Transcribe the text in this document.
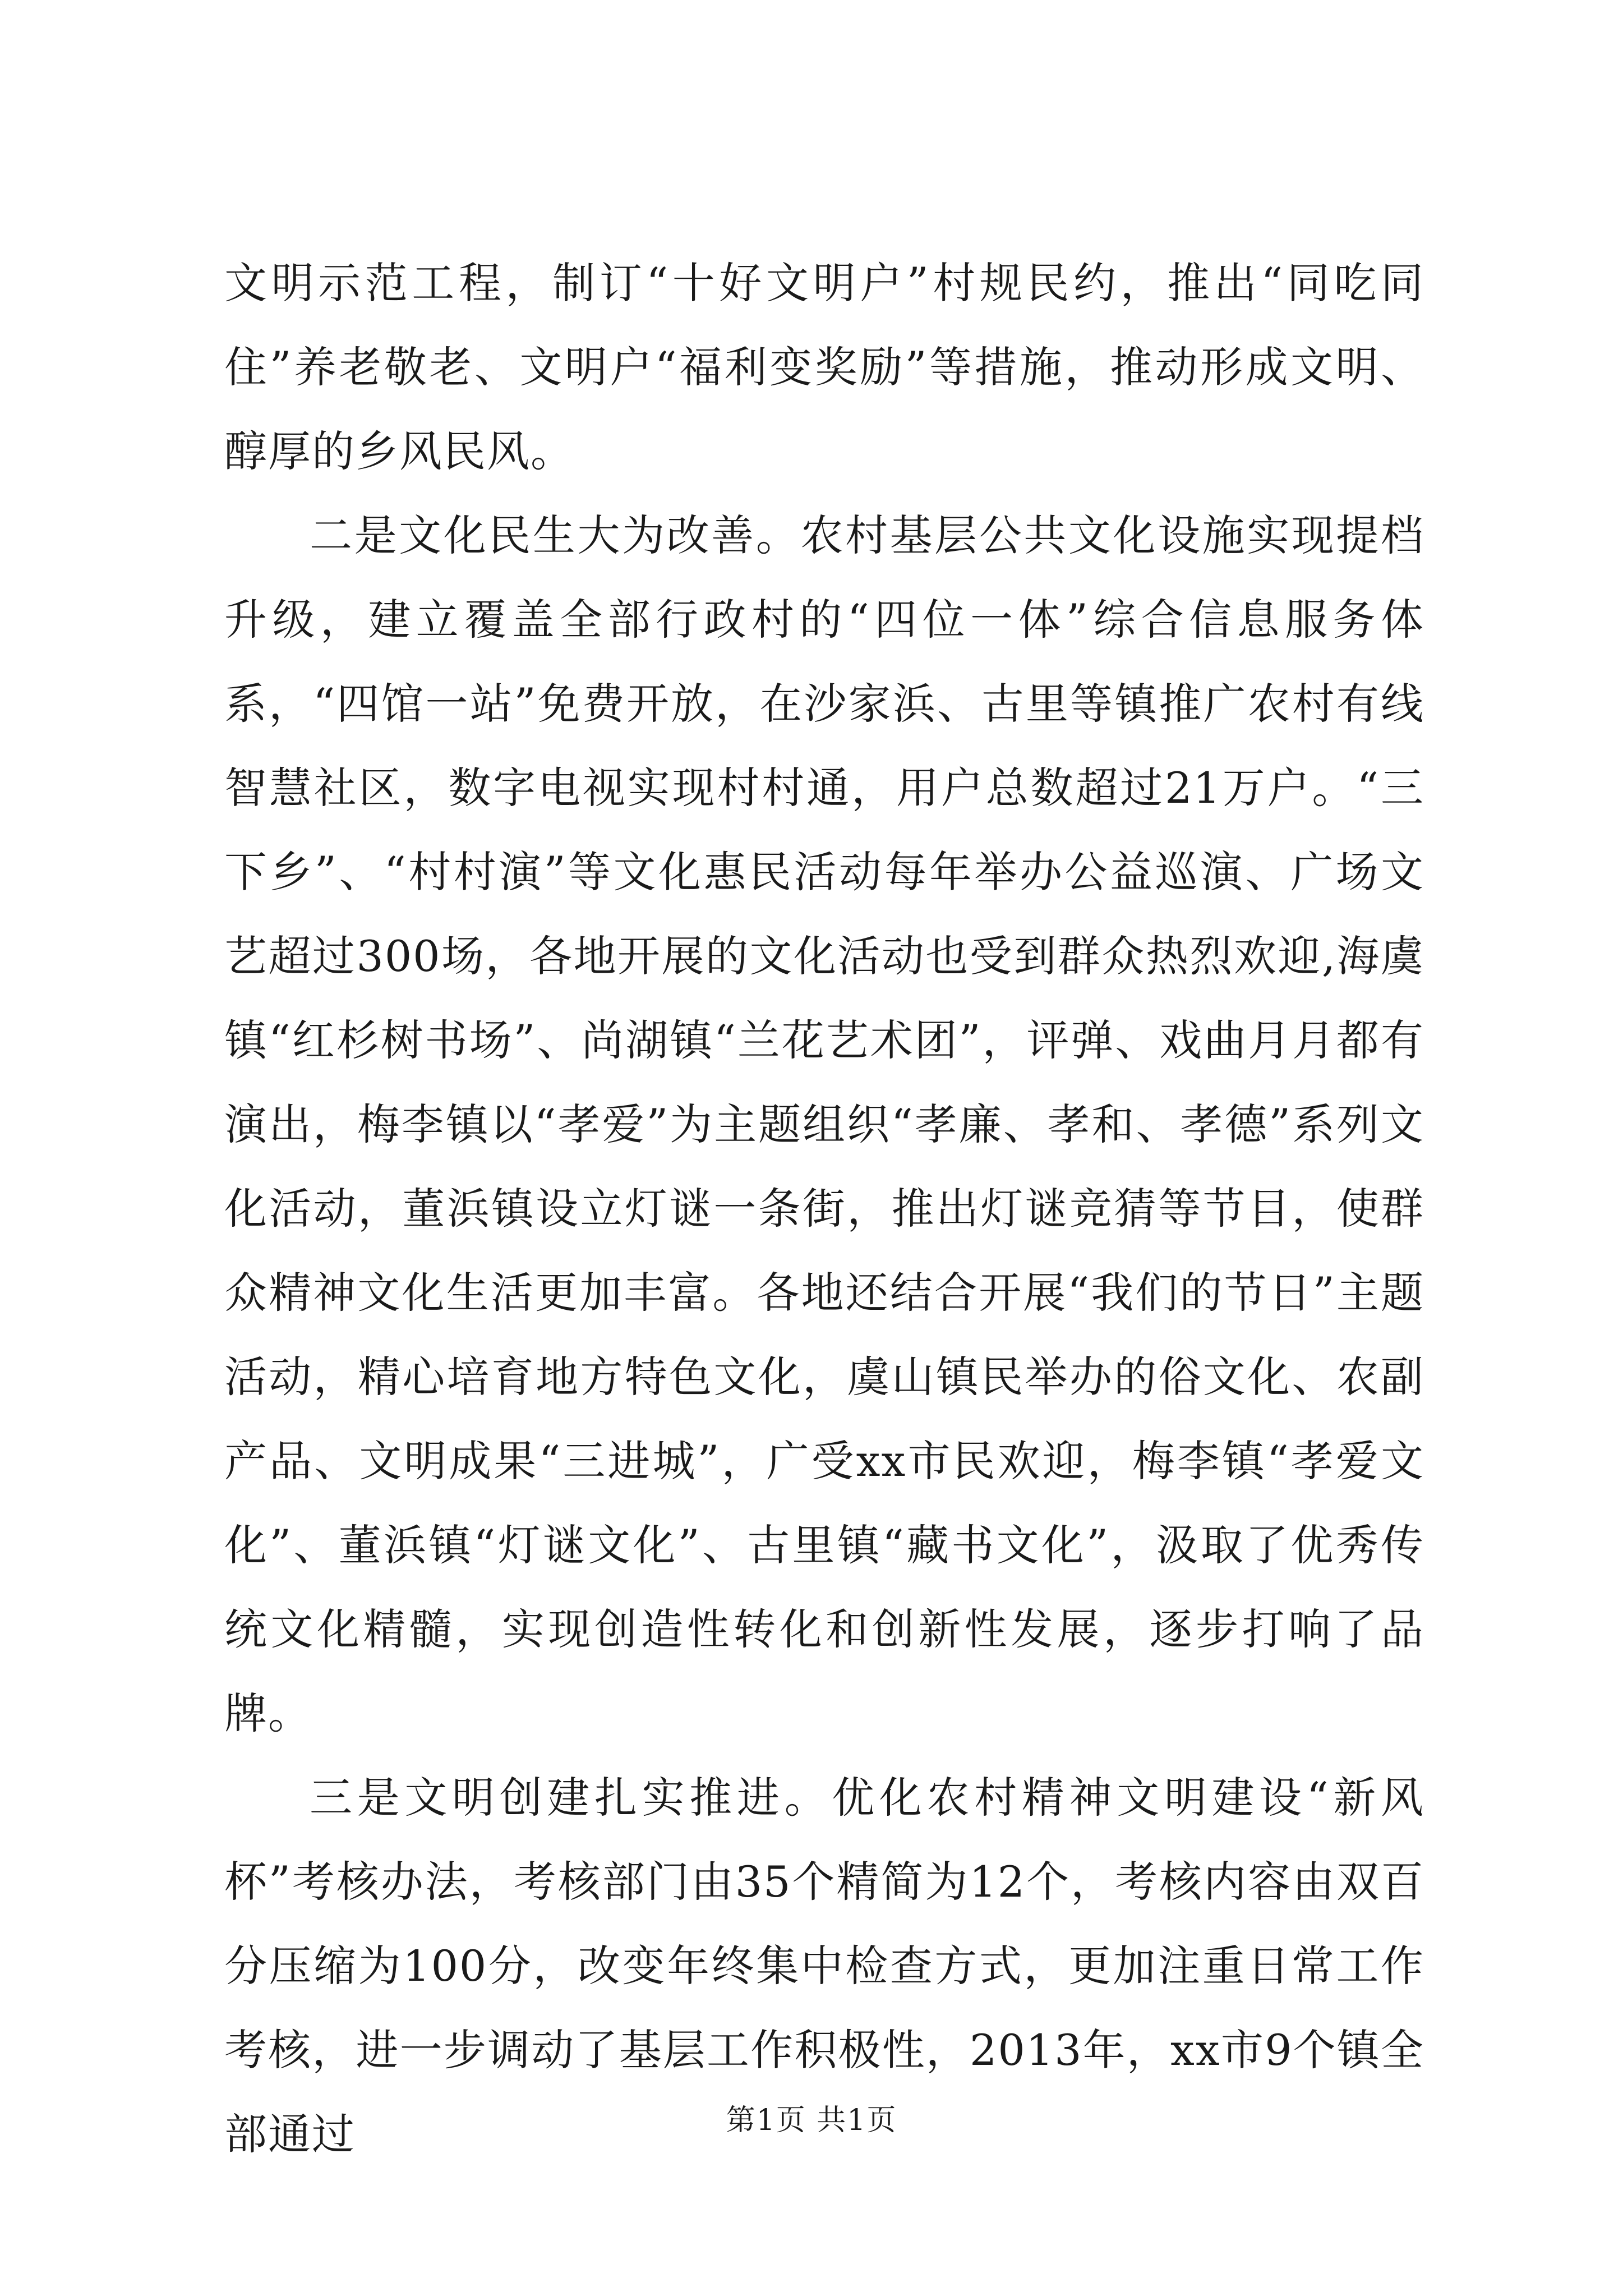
文明示范工程，制订“十好文明户”村规民约，推出“同吃同住”养老敬老、文明户“福利变奖励”等措施，推动形成文明、醇厚的乡风民风。

二是文化民生大为改善。农村基层公共文化设施实现提档升级，建立覆盖全部行政村的“四位一体”综合信息服务体系，“四馆一站”免费开放，在沙家浜、古里等镇推广农村有线智慧社区，数字电视实现村村通，用户总数超过21万户。“三下乡”、“村村演”等文化惠民活动每年举办公益巡演、广场文艺超过300场，各地开展的文化活动也受到群众热烈欢迎,海虞镇“红杉树书场”、尚湖镇“兰花艺术团”，评弹、戏曲月月都有演出，梅李镇以“孝爱”为主题组织“孝廉、孝和、孝德”系列文化活动，董浜镇设立灯谜一条街，推出灯谜竞猜等节目，使群众精神文化生活更加丰富。各地还结合开展“我们的节日”主题活动，精心培育地方特色文化，虞山镇民举办的俗文化、农副产品、文明成果“三进城”，广受xx市民欢迎，梅李镇“孝爱文化”、董浜镇“灯谜文化”、古里镇“藏书文化”，汲取了优秀传统文化精髓，实现创造性转化和创新性发展，逐步打响了品牌。

三是文明创建扎实推进。优化农村精神文明建设“新风杯”考核办法，考核部门由35个精简为12个，考核内容由双百分压缩为100分，改变年终集中检查方式，更加注重日常工作考核，进一步调动了基层工作积极性，2013年，xx市9个镇全部通过	第1页 共1页
